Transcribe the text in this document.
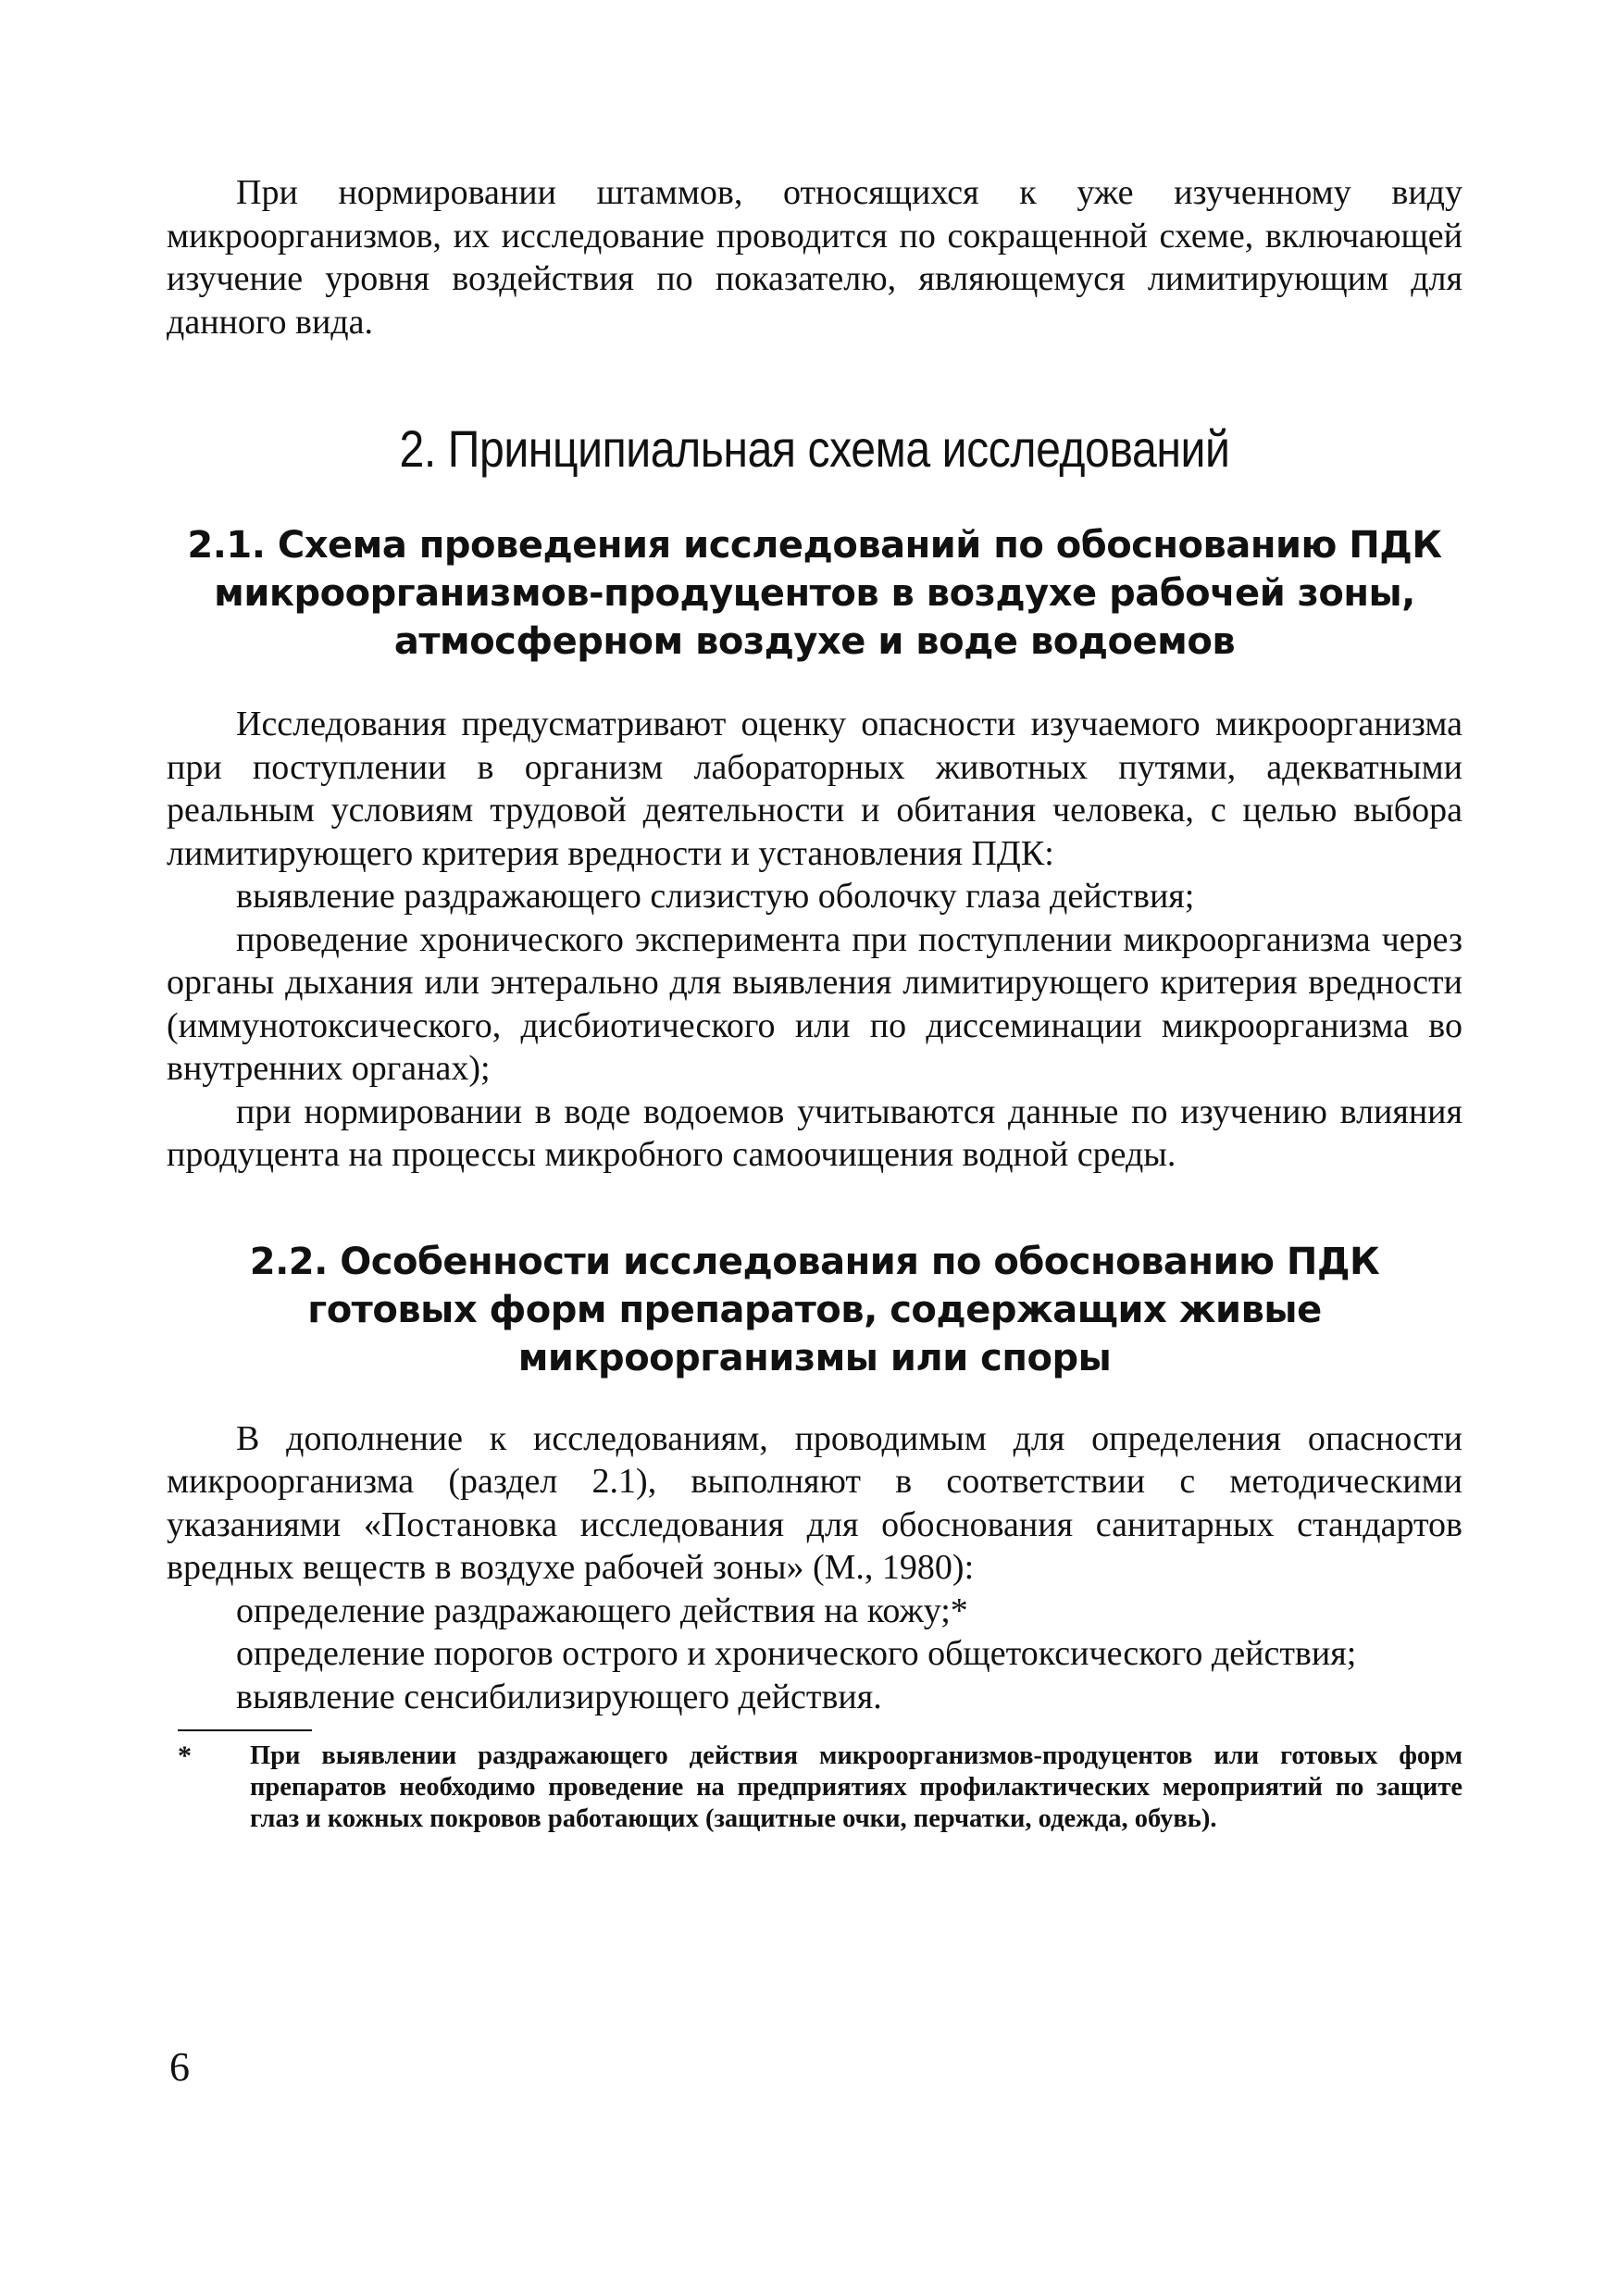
При нормировании штаммов, относящихся к уже изученному виду микроорганизмов, их исследование проводится по сокращенной схеме, включающей изучение уровня воздействия по показателю, являющемуся лимитирующим для данного вида.

2. Принципиальная схема исследований
2.1. Схема проведения исследований по обоснованию ПДК микроорганизмов-продуцентов в воздухе рабочей зоны, атмосферном воздухе и воде водоемов

Исследования предусматривают оценку опасности изучаемого микроорганизма при поступлении в организм лабораторных животных путями, адекватными реальным условиям трудовой деятельности и обитания человека, с целью выбора лимитирующего критерия вредности и установления ПДК:

выявление раздражающего слизистую оболочку глаза действия;

проведение хронического эксперимента при поступлении микроорганизма через органы дыхания или энтерально для выявления лимитирующего критерия вредности (иммунотоксического, дисбиотического или по диссеминации микроорганизма во внутренних органах);

при нормировании в воде водоемов учитываются данные по изучению влияния продуцента на процессы микробного самоочищения водной среды.

2.2. Особенности исследования по обоснованию ПДК готовых форм препаратов, содержащих живые микроорганизмы или споры

В дополнение к исследованиям, проводимым для определения опасности микроорганизма (раздел 2.1), выполняют в соответствии с методическими указаниями «Постановка исследования для обоснования санитарных стандартов вредных веществ в воздухе рабочей зоны» (М., 1980):

определение раздражающего действия на кожу;*

определение порогов острого и хронического общетоксического действия;

выявление сенсибилизирующего действия.

*	При выявлении раздражающего действия микроорганизмов-продуцентов или готовых форм препаратов необходимо проведение на предприятиях профилактических мероприятий по защите глаз и кожных покровов работающих (защитные очки, перчатки, одежда, обувь).

6
